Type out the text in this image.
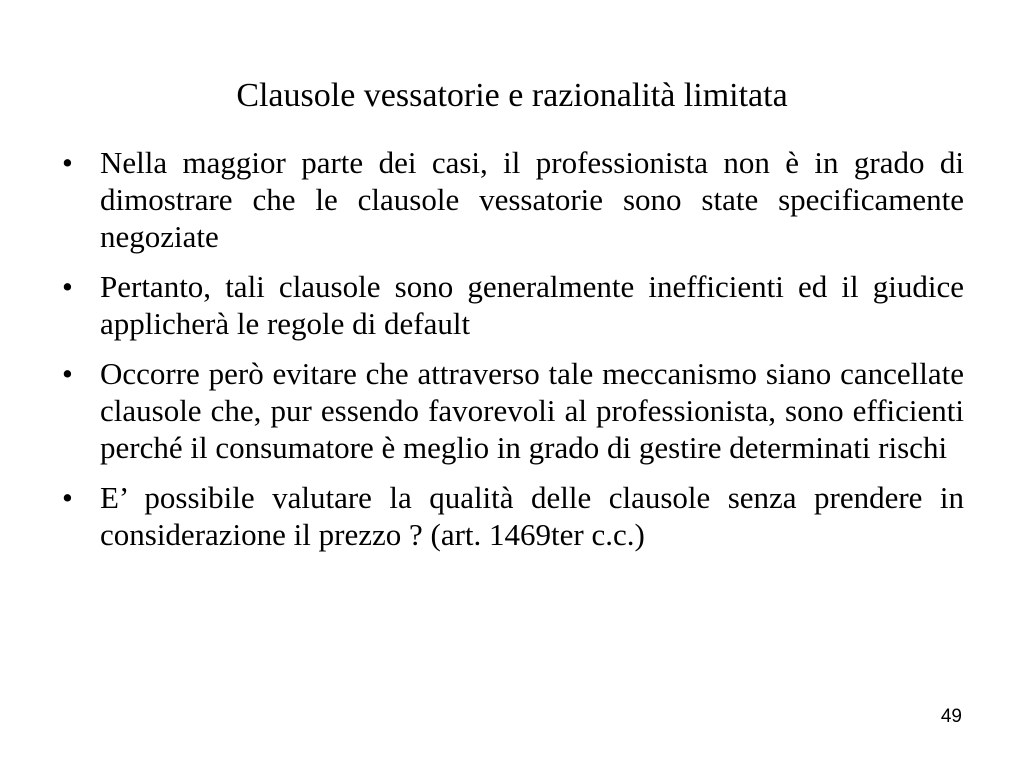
Clausole vessatorie e razionalità limitata
• Nella maggior parte dei casi, il professionista non è in grado di dimostrare che le clausole vessatorie sono state specificamente negoziate
• Pertanto, tali clausole sono generalmente inefficienti ed il giudice applicherà le regole di default
• Occorre però evitare che attraverso tale meccanismo siano cancellate clausole che, pur essendo favorevoli al professionista, sono efficienti perché il consumatore è meglio in grado di gestire determinati rischi
• E’ possibile valutare la qualità delle clausole senza prendere in considerazione il prezzo ? (art. 1469ter c.c.)
49
